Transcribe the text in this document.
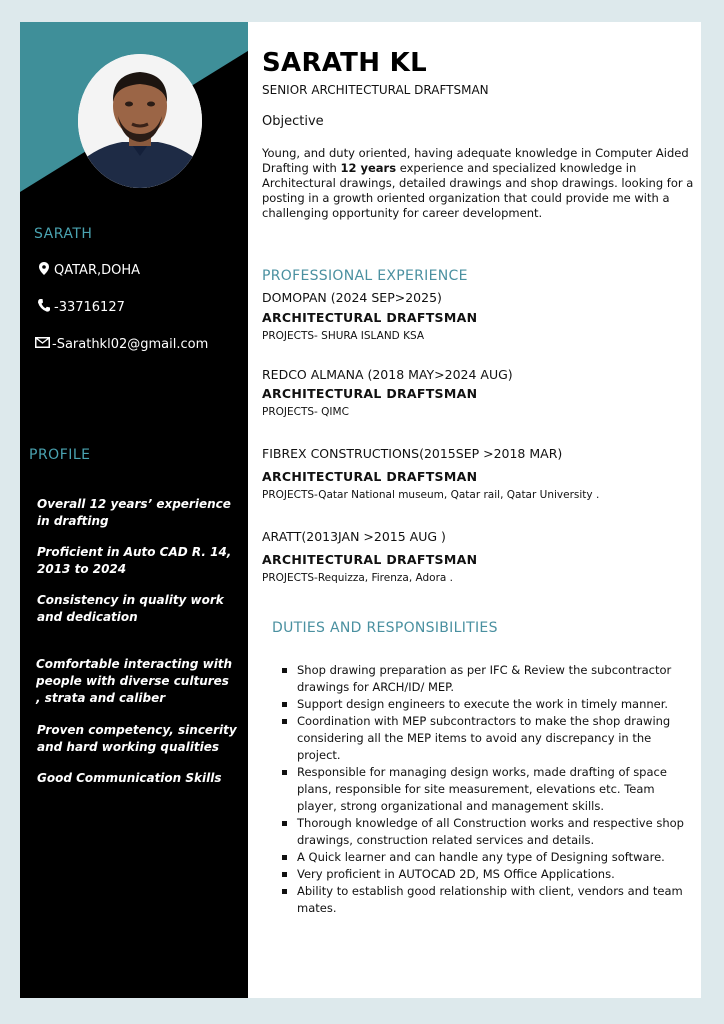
SARATH
QATAR,DOHA
-33716127
-Sarathkl02@gmail.com
PROFILE
Overall 12 years’ experience in drafting
Proficient in Auto CAD R. 14, 2013 to 2024
Consistency in quality work and dedication
Comfortable interacting with people with diverse cultures , strata and caliber
Proven competency, sincerity and hard working qualities
Good Communication Skills
SARATH KL
SENIOR ARCHITECTURAL DRAFTSMAN
Objective
Young, and duty oriented, having adequate knowledge in Computer Aided Drafting with 12 years experience and specialized knowledge in Architectural drawings, detailed drawings and shop drawings. looking for a posting in a growth oriented organization that could provide me with a challenging opportunity for career development.
PROFESSIONAL EXPERIENCE
DOMOPAN (2024 SEP>2025)
ARCHITECTURAL DRAFTSMAN
PROJECTS- SHURA ISLAND KSA
REDCO ALMANA (2018 MAY>2024 AUG)
ARCHITECTURAL DRAFTSMAN
PROJECTS- QIMC
FIBREX CONSTRUCTIONS(2015SEP >2018 MAR)
ARCHITECTURAL DRAFTSMAN
PROJECTS-Qatar National museum, Qatar rail, Qatar University .
ARATT(2013JAN >2015 AUG )
ARCHITECTURAL DRAFTSMAN
PROJECTS-Requizza, Firenza, Adora .
DUTIES AND RESPONSIBILITIES
Shop drawing preparation as per IFC & Review the subcontractor drawings for ARCH/ID/ MEP.
Support design engineers to execute the work in timely manner.
Coordination with MEP subcontractors to make the shop drawing considering all the MEP items to avoid any discrepancy in the project.
Responsible for managing design works, made drafting of space plans, responsible for site measurement, elevations etc. Team player, strong organizational and management skills.
Thorough knowledge of all Construction works and respective shop drawings, construction related services and details.
A Quick learner and can handle any type of Designing software.
Very proficient in AUTOCAD 2D, MS Office Applications.
Ability to establish good relationship with client, vendors and team mates.
